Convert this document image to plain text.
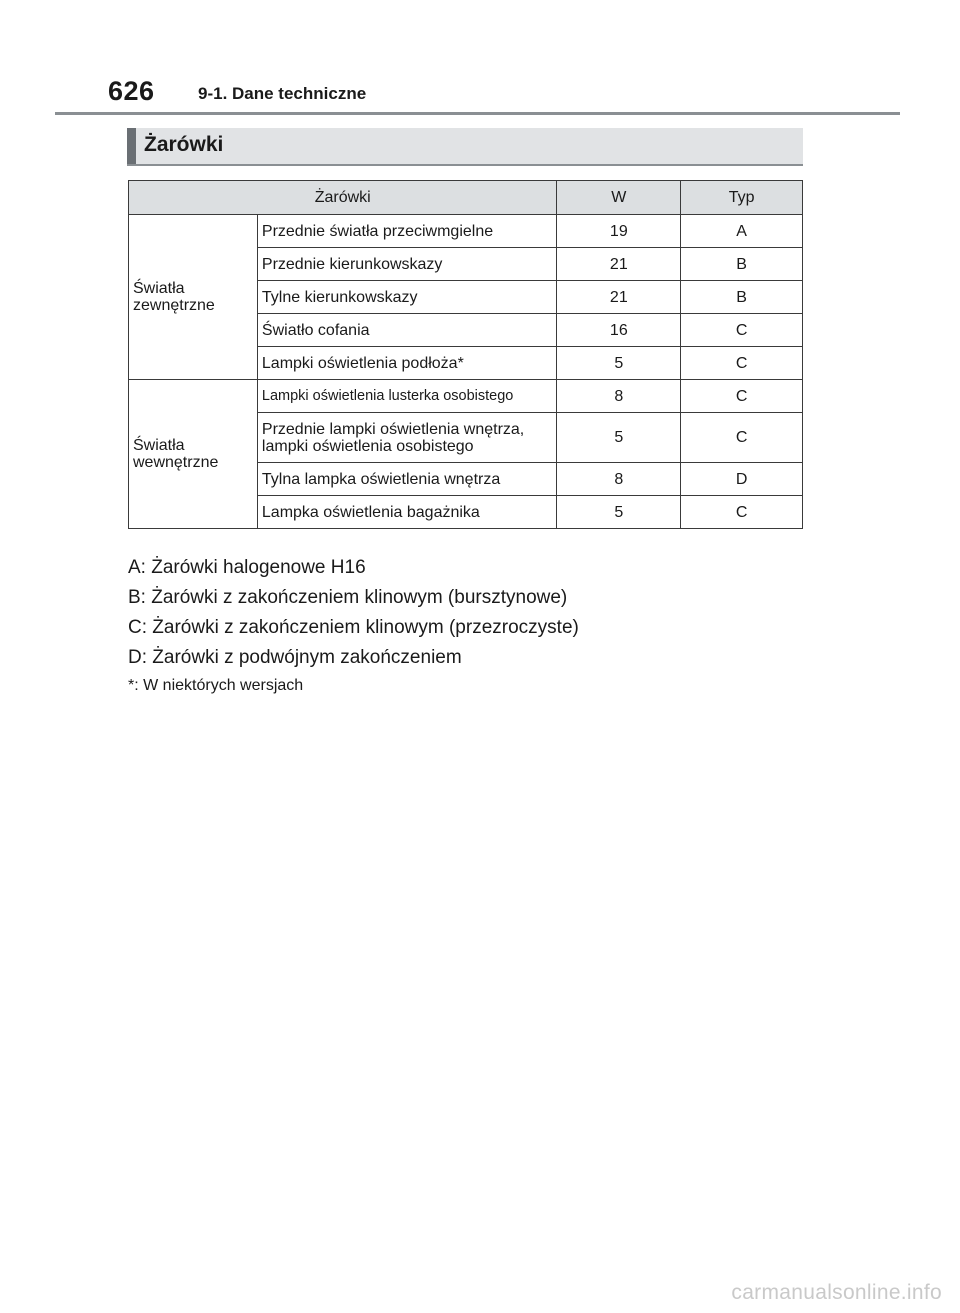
626	9-1. Dane techniczne
Żarówki
Żarówki		W	Typ
Światła zewnętrzne	Przednie światła przeciwmgielne	19	A
	Przednie kierunkowskazy	21	B
	Tylne kierunkowskazy	21	B
	Światło cofania	16	C
	Lampki oświetlenia podłoża*	5	C
Światła wewnętrzne	Lampki oświetlenia lusterka osobistego	8	C
	Przednie lampki oświetlenia wnętrza, lampki oświetlenia osobistego	5	C
	Tylna lampka oświetlenia wnętrza	8	D
	Lampka oświetlenia bagażnika	5	C
A: Żarówki halogenowe H16
B: Żarówki z zakończeniem klinowym (bursztynowe)
C: Żarówki z zakończeniem klinowym (przezroczyste)
D: Żarówki z podwójnym zakończeniem
*: W niektórych wersjach
carmanualsonline.info
